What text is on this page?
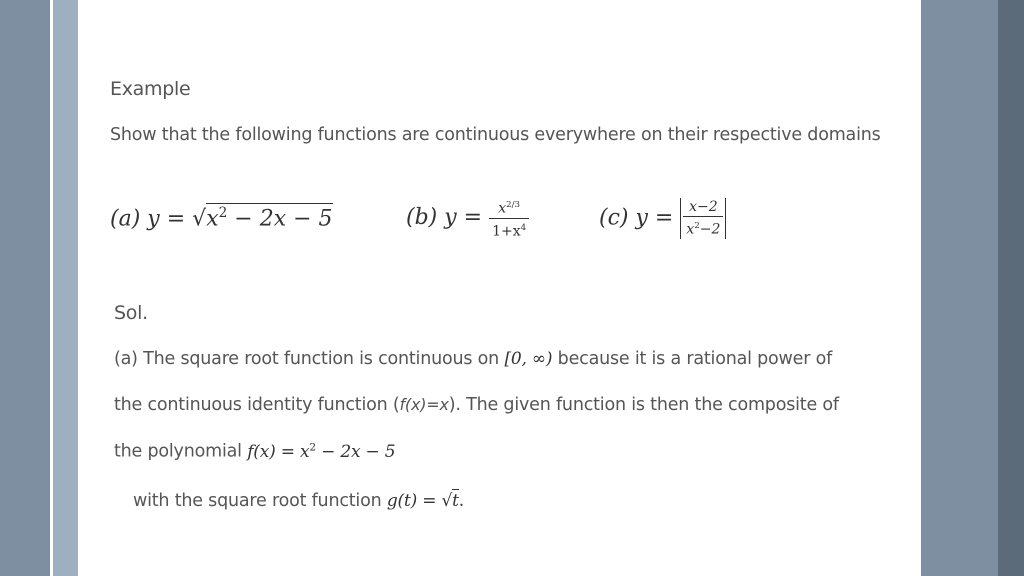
Example
Show that the following functions are continuous everywhere on their respective domains
(a) $y = √x^2 - 2x - 5$	(b) $y = \frac{x^{2/3}}{1+x^4}$	(c) $y = \frac{x-2}{x^2-2}$
Sol.
(a) The square root function is continuous on [0, ∞) because it is a rational power of
the continuous identity function (f(x)=x). The given function is then the composite of
the polynomial $f(x) = x^2 - 2x - 5$
with the square root function g(t) = √t.
